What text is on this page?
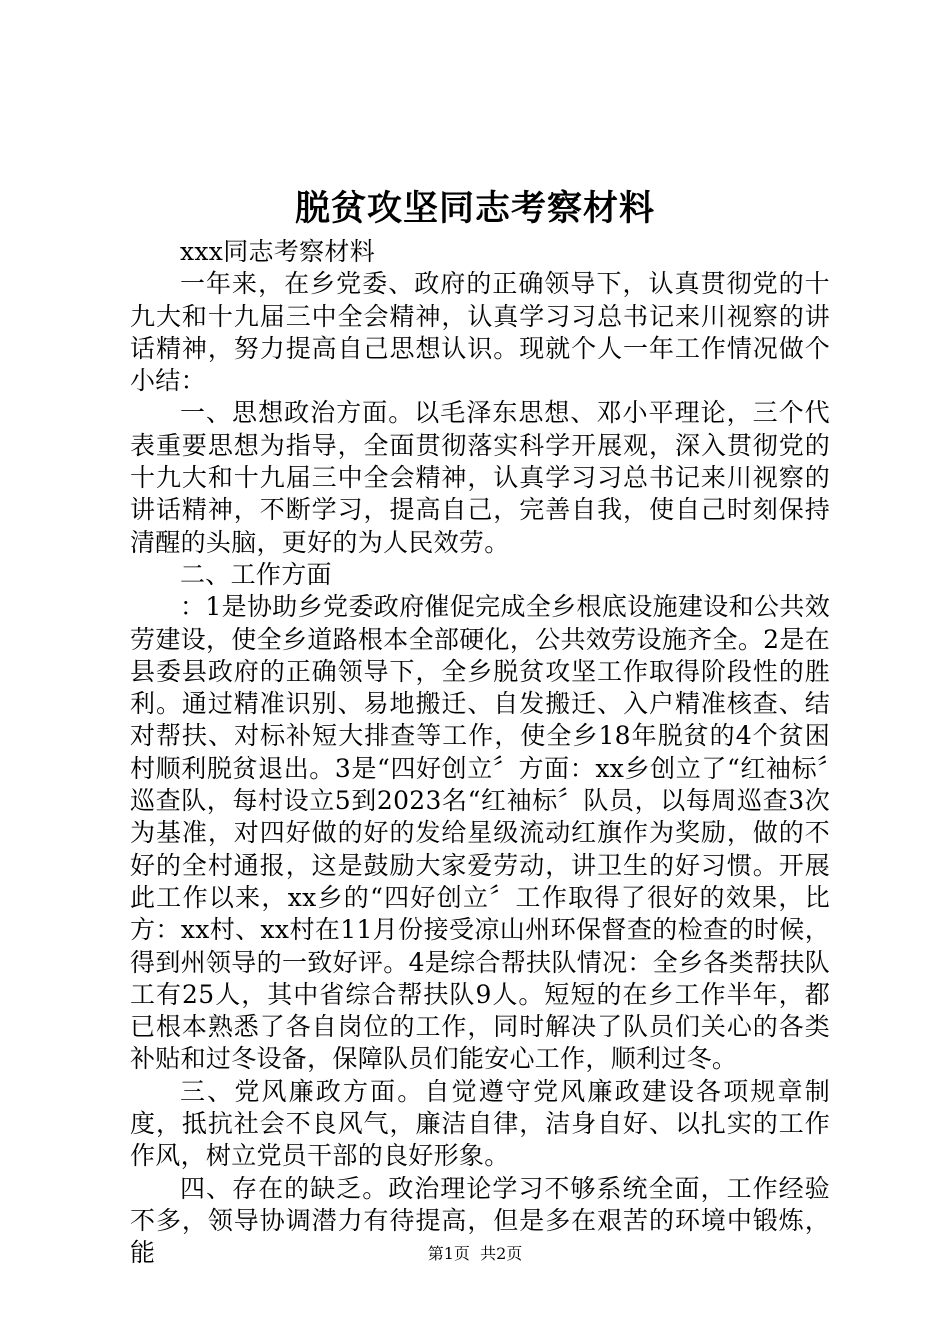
脱贫攻坚同志考察材料

xxx同志考察材料

一年来，在乡党委、政府的正确领导下，认真贯彻党的十九大和十九届三中全会精神，认真学习习总书记来川视察的讲话精神，努力提高自己思想认识。现就个人一年工作情况做个小结：

一、思想政治方面。以毛泽东思想、邓小平理论，三个代表重要思想为指导，全面贯彻落实科学开展观，深入贯彻党的十九大和十九届三中全会精神，认真学习习总书记来川视察的讲话精神，不断学习，提高自己，完善自我，使自己时刻保持清醒的头脑，更好的为人民效劳。

二、工作方面

：1是协助乡党委政府催促完成全乡根底设施建设和公共效劳建设，使全乡道路根本全部硬化，公共效劳设施齐全。2是在县委县政府的正确领导下，全乡脱贫攻坚工作取得阶段性的胜利。通过精准识别、易地搬迁、自发搬迁、入户精准核查、结对帮扶、对标补短大排查等工作，使全乡18年脱贫的4个贫困村顺利脱贫退出。3是“四好创立〞方面：xx乡创立了“红袖标〞巡查队，每村设立5到2023名“红袖标〞队员，以每周巡查3次为基准，对四好做的好的发给星级流动红旗作为奖励，做的不好的全村通报，这是鼓励大家爱劳动，讲卫生的好习惯。开展此工作以来，xx乡的“四好创立〞工作取得了很好的效果，比方：xx村、xx村在11月份接受凉山州环保督查的检查的时候，得到州领导的一致好评。4是综合帮扶队情况：全乡各类帮扶队工有25人，其中省综合帮扶队9人。短短的在乡工作半年，都已根本熟悉了各自岗位的工作，同时解决了队员们关心的各类补贴和过冬设备，保障队员们能安心工作，顺利过冬。

三、党风廉政方面。自觉遵守党风廉政建设各项规章制度，抵抗社会不良风气，廉洁自律，洁身自好、以扎实的工作作风，树立党员干部的良好形象。

四、存在的缺乏。政治理论学习不够系统全面，工作经验不多，领导协调潜力有待提高，但是多在艰苦的环境中锻炼，能	第1页 共2页
